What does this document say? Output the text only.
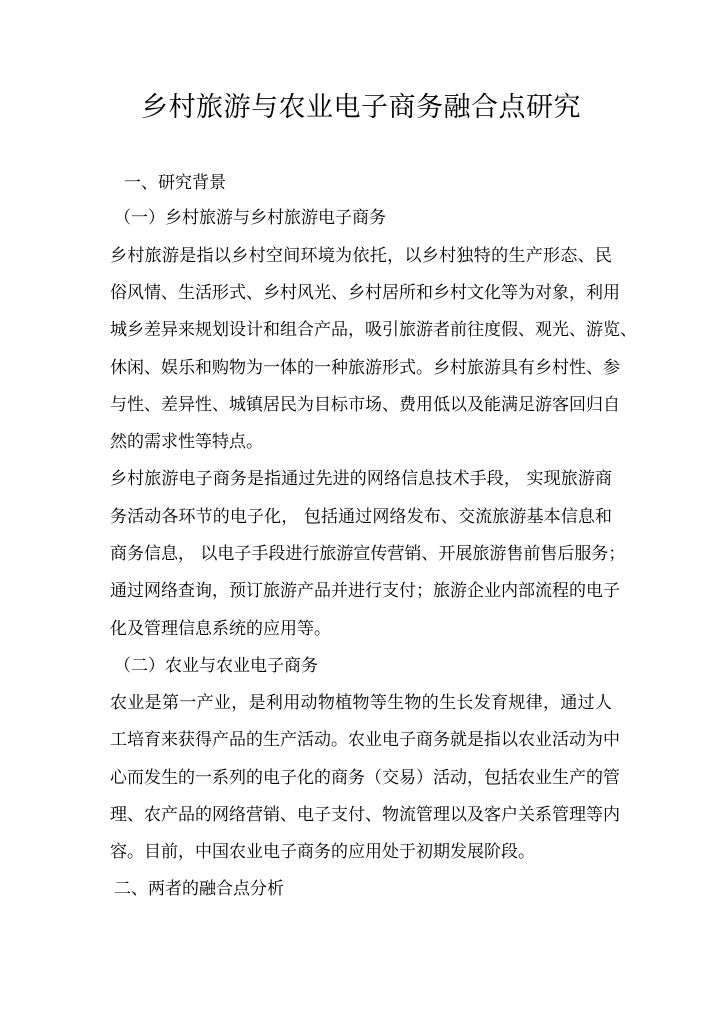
乡村旅游与农业电子商务融合点研究
一、研究背景
（一）乡村旅游与乡村旅游电子商务
乡村旅游是指以乡村空间环境为依托，以乡村独特的生产形态、民
俗风情、生活形式、乡村风光、乡村居所和乡村文化等为对象，利用
城乡差异来规划设计和组合产品，吸引旅游者前往度假、观光、游览、
休闲、娱乐和购物为一体的一种旅游形式。乡村旅游具有乡村性、参
与性、差异性、城镇居民为目标市场、费用低以及能满足游客回归自
然的需求性等特点。
乡村旅游电子商务是指通过先进的网络信息技术手段， 实现旅游商
务活动各环节的电子化， 包括通过网络发布、交流旅游基本信息和
商务信息， 以电子手段进行旅游宣传营销、开展旅游售前售后服务；
通过网络查询，预订旅游产品并进行支付；旅游企业内部流程的电子
化及管理信息系统的应用等。
（二）农业与农业电子商务
农业是第一产业，是利用动物植物等生物的生长发育规律，通过人
工培育来获得产品的生产活动。农业电子商务就是指以农业活动为中
心而发生的一系列的电子化的商务（交易）活动，包括农业生产的管
理、农产品的网络营销、电子支付、物流管理以及客户关系管理等内
容。目前，中国农业电子商务的应用处于初期发展阶段。
二、两者的融合点分析
